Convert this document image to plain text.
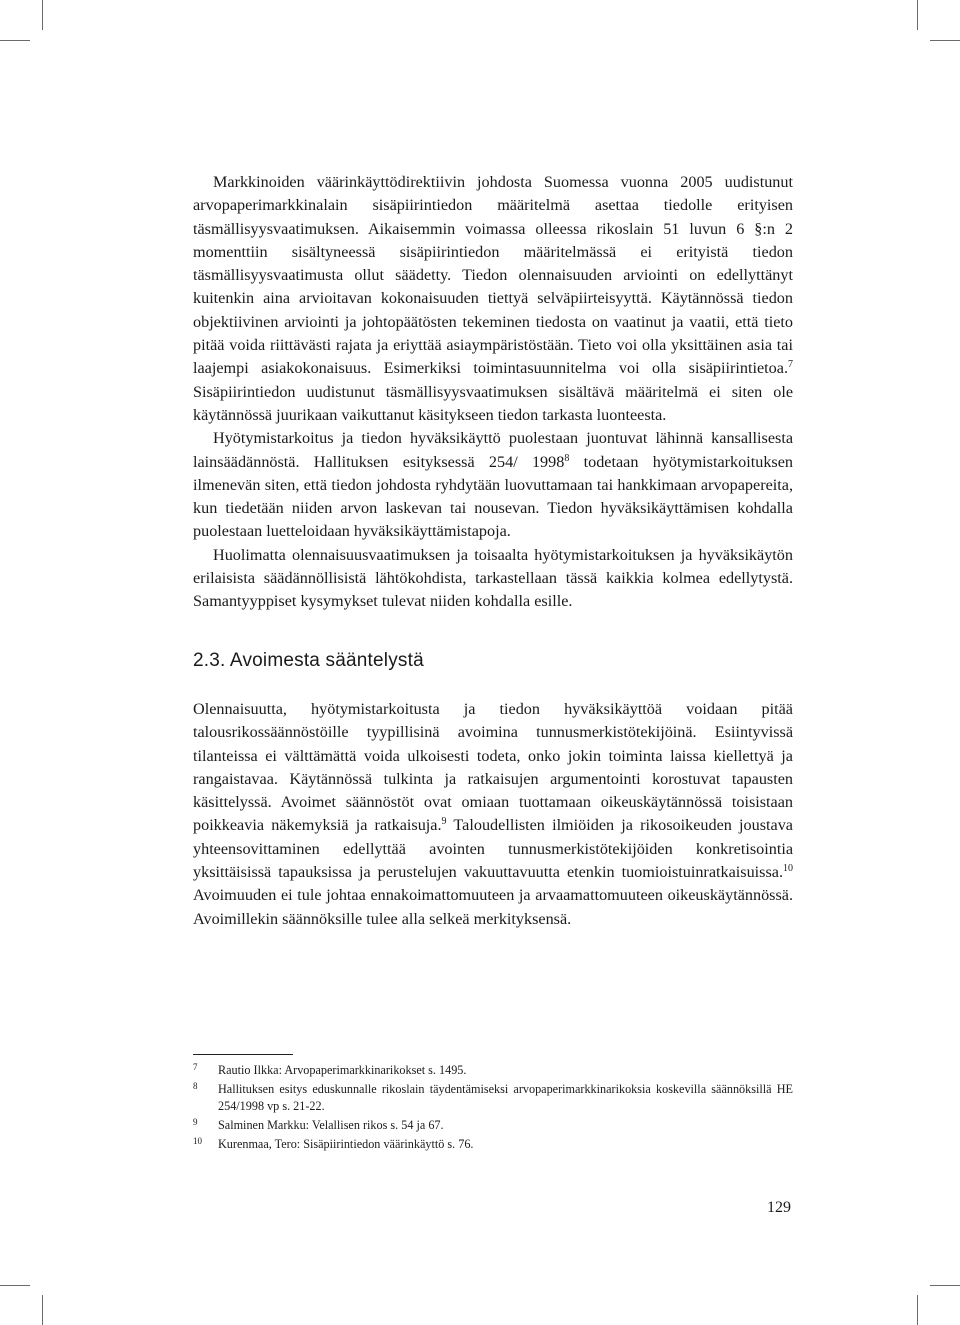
Markkinoiden väärinkäyttödirektiivin johdosta Suomessa vuonna 2005 uudistunut arvopaperimarkkinalain sisäpiirintiedon määritelmä asettaa tiedolle erityisen täsmällisyysvaatimuksen. Aikaisemmin voimassa olleessa rikoslain 51 luvun 6 §:n 2 momenttiin sisältyneessä sisäpiirintiedon määritelmässä ei erityistä tiedon täsmällisyysvaatimusta ollut säädetty. Tiedon olennaisuuden arviointi on edellyttänyt kuitenkin aina arvioitavan kokonaisuuden tiettyä selväpiirteisyyttä. Käytännössä tiedon objektiivinen arviointi ja johtopäätösten tekeminen tiedosta on vaatinut ja vaatii, että tieto pitää voida riittävästi rajata ja eriyttää asiaympäristöstään. Tieto voi olla yksittäinen asia tai laajempi asiakokonaisuus. Esimerkiksi toimintasuunnitelma voi olla sisäpiirintietoa.$^7$ Sisäpiirintiedon uudistunut täsmällisyysvaatimuksen sisältävä määritelmä ei siten ole käytännössä juurikaan vaikuttanut käsitykseen tiedon tarkasta luonteesta.

Hyötymistarkoitus ja tiedon hyväksikäyttö puolestaan juontuvat lähinnä kansallisesta lainsäädännöstä. Hallituksen esityksessä 254/ 1998$^8$ todetaan hyötymistarkoituksen ilmenevän siten, että tiedon johdosta ryhdytään luovuttamaan tai hankkimaan arvopapereita, kun tiedetään niiden arvon laskevan tai nousevan. Tiedon hyväksikäyttämisen kohdalla puolestaan luetteloidaan hyväksikäyttämistapoja.

Huolimatta olennaisuusvaatimuksen ja toisaalta hyötymistarkoituksen ja hyväksikäytön erilaisista säädännöllisistä lähtökohdista, tarkastellaan tässä kaikkia kolmea edellytystä. Samantyyppiset kysymykset tulevat niiden kohdalla esille.

2.3. Avoimesta sääntelystä

Olennaisuutta, hyötymistarkoitusta ja tiedon hyväksikäyttöä voidaan pitää talousrikossäännöstöille tyypillisinä avoimina tunnusmerkistötekijöinä. Esiintyvissä tilanteissa ei välttämättä voida ulkoisesti todeta, onko jokin toiminta laissa kiellettyä ja rangaistavaa. Käytännössä tulkinta ja ratkaisujen argumentointi korostuvat tapausten käsittelyssä. Avoimet säännöstöt ovat omiaan tuottamaan oikeuskäytännössä toisistaan poikkeavia näkemyksiä ja ratkaisuja.$^9$ Taloudellisten ilmiöiden ja rikosoikeuden joustava yhteensovittaminen edellyttää avointen tunnusmerkistötekijöiden konkretisointia yksittäisissä tapauksissa ja perustelujen vakuuttavuutta etenkin tuomioistuinratkaisuissa.$^{10}$ Avoimuuden ei tule johtaa ennakoimattomuuteen ja arvaamattomuuteen oikeuskäytännössä. Avoimillekin säännöksille tulee alla selkeä merkityksensä.

7 Rautio Ilkka: Arvopaperimarkkinarikokset s. 1495.

8 Hallituksen esitys eduskunnalle rikoslain täydentämiseksi arvopaperimarkkinarikoksia koskevilla säännöksillä HE 254/1998 vp s. 21-22.

9 Salminen Markku: Velallisen rikos s. 54 ja 67.

10 Kurenmaa, Tero: Sisäpiirintiedon väärinkäyttö s. 76.

129
